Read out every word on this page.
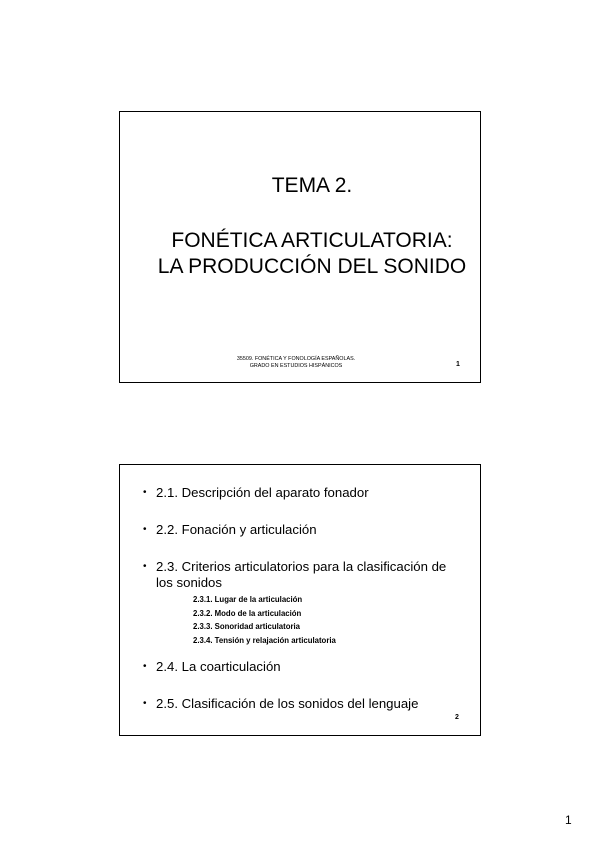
TEMA 2.
FONÉTICA ARTICULATORIA:
LA PRODUCCIÓN DEL SONIDO
35509. FONÉTICA Y FONOLOGÍA ESPAÑOLAS.
GRADO EN ESTUDIOS HISPÁNICOS	1
• 2.1. Descripción del aparato fonador
• 2.2. Fonación y articulación
• 2.3. Criterios articulatorios para la clasificación de los sonidos
• 2.4. La coarticulación
• 2.5. Clasificación de los sonidos del lenguaje
2.3.1. Lugar de la articulación
2.3.2. Modo de la articulación
2.3.3. Sonoridad articulatoria
2.3.4. Tensión y relajación articulatoria
2
1
